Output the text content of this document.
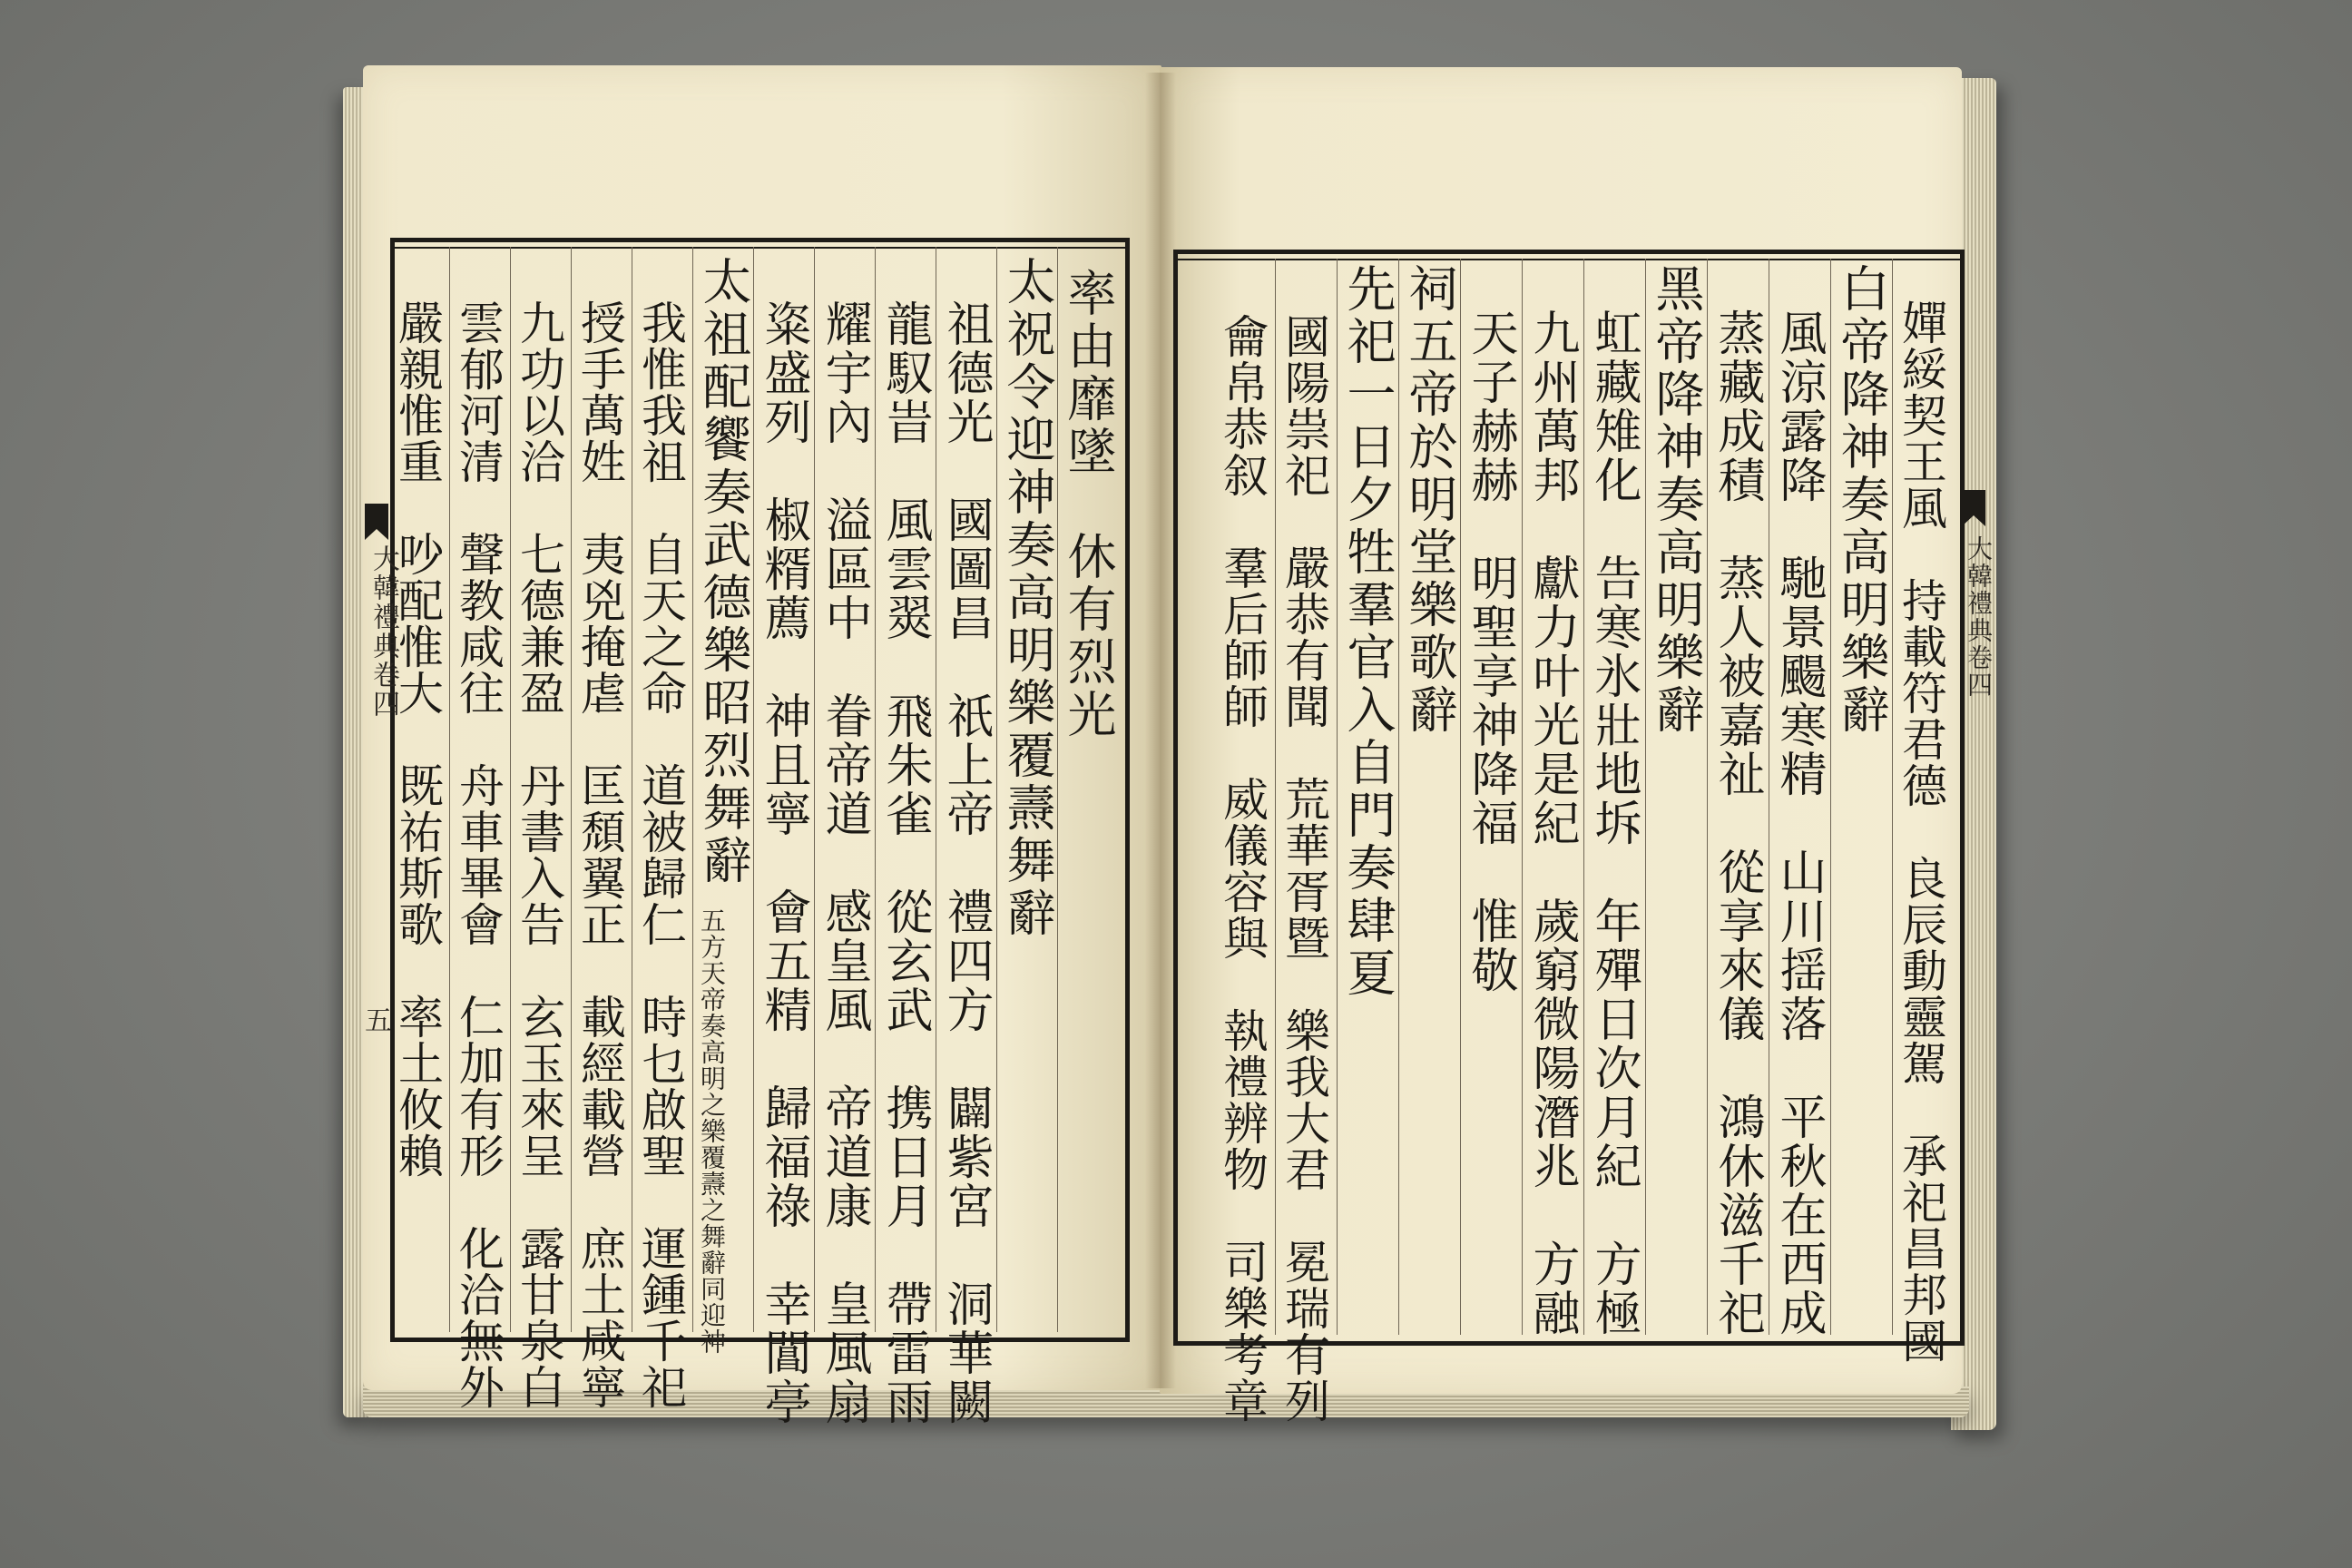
率由靡墜　休有烈光
太祝令迎神奏高明樂覆燾舞辭
祖德光　國圖昌　祇上帝　禮四方　闢紫宮　洞華闕
龍馭旹　風雲翜　飛朱雀　從玄武　携日月　帶雷雨
耀宇內　溢區中　眷帝道　感皇風　帝道康　皇風扇
粢盛列　椒糈薦　神且寧　會五精　歸福祿　幸閶亭
太祖配饗奏武德樂昭烈舞辭
五方天帝奏高明之樂覆燾之舞辭同迎神
我惟我祖　自天之命　道被歸仁　時乜啟聖　運鍾千祀
授手萬姓　夷兇掩虐　匡頹翼正　載經載營　庶土咸寧
九功以洽　七德兼盈　丹書入告　玄玉來呈　露甘泉白
雲郁河清　聲教咸往　舟車畢會　仁加有形　化洽無外
嚴親惟重　吵配惟大　既祐斯歌　率土攸賴
大韓禮典卷四
五	嬋綏契王風　持載符君德　良辰動靈駕　承祀昌邦國
白帝降神奏高明樂辭
風涼露降　馳景颺寒精　山川揺落　平秋在西成
蒸藏成積　蒸人被嘉祉　從享來儀　鴻休滋千祀
黑帝降神奏高明樂辭
虹藏雉化　告寒氷壯地坼　年殫日次月紀　方極
九州萬邦　獻力叶光是紀　歲窮微陽潛兆　方融
天子赫赫　明聖享神降福　惟敬
祠五帝於明堂樂歌辭
先祀一日夕牲羣官入自門奏肆夏
國陽祟祀　嚴恭有聞　荒華胥暨　樂我大君　冕瑞有列
龠帛恭叙　羣后師師　威儀容與　執禮辨物　司樂考章	大韓禮典卷四
